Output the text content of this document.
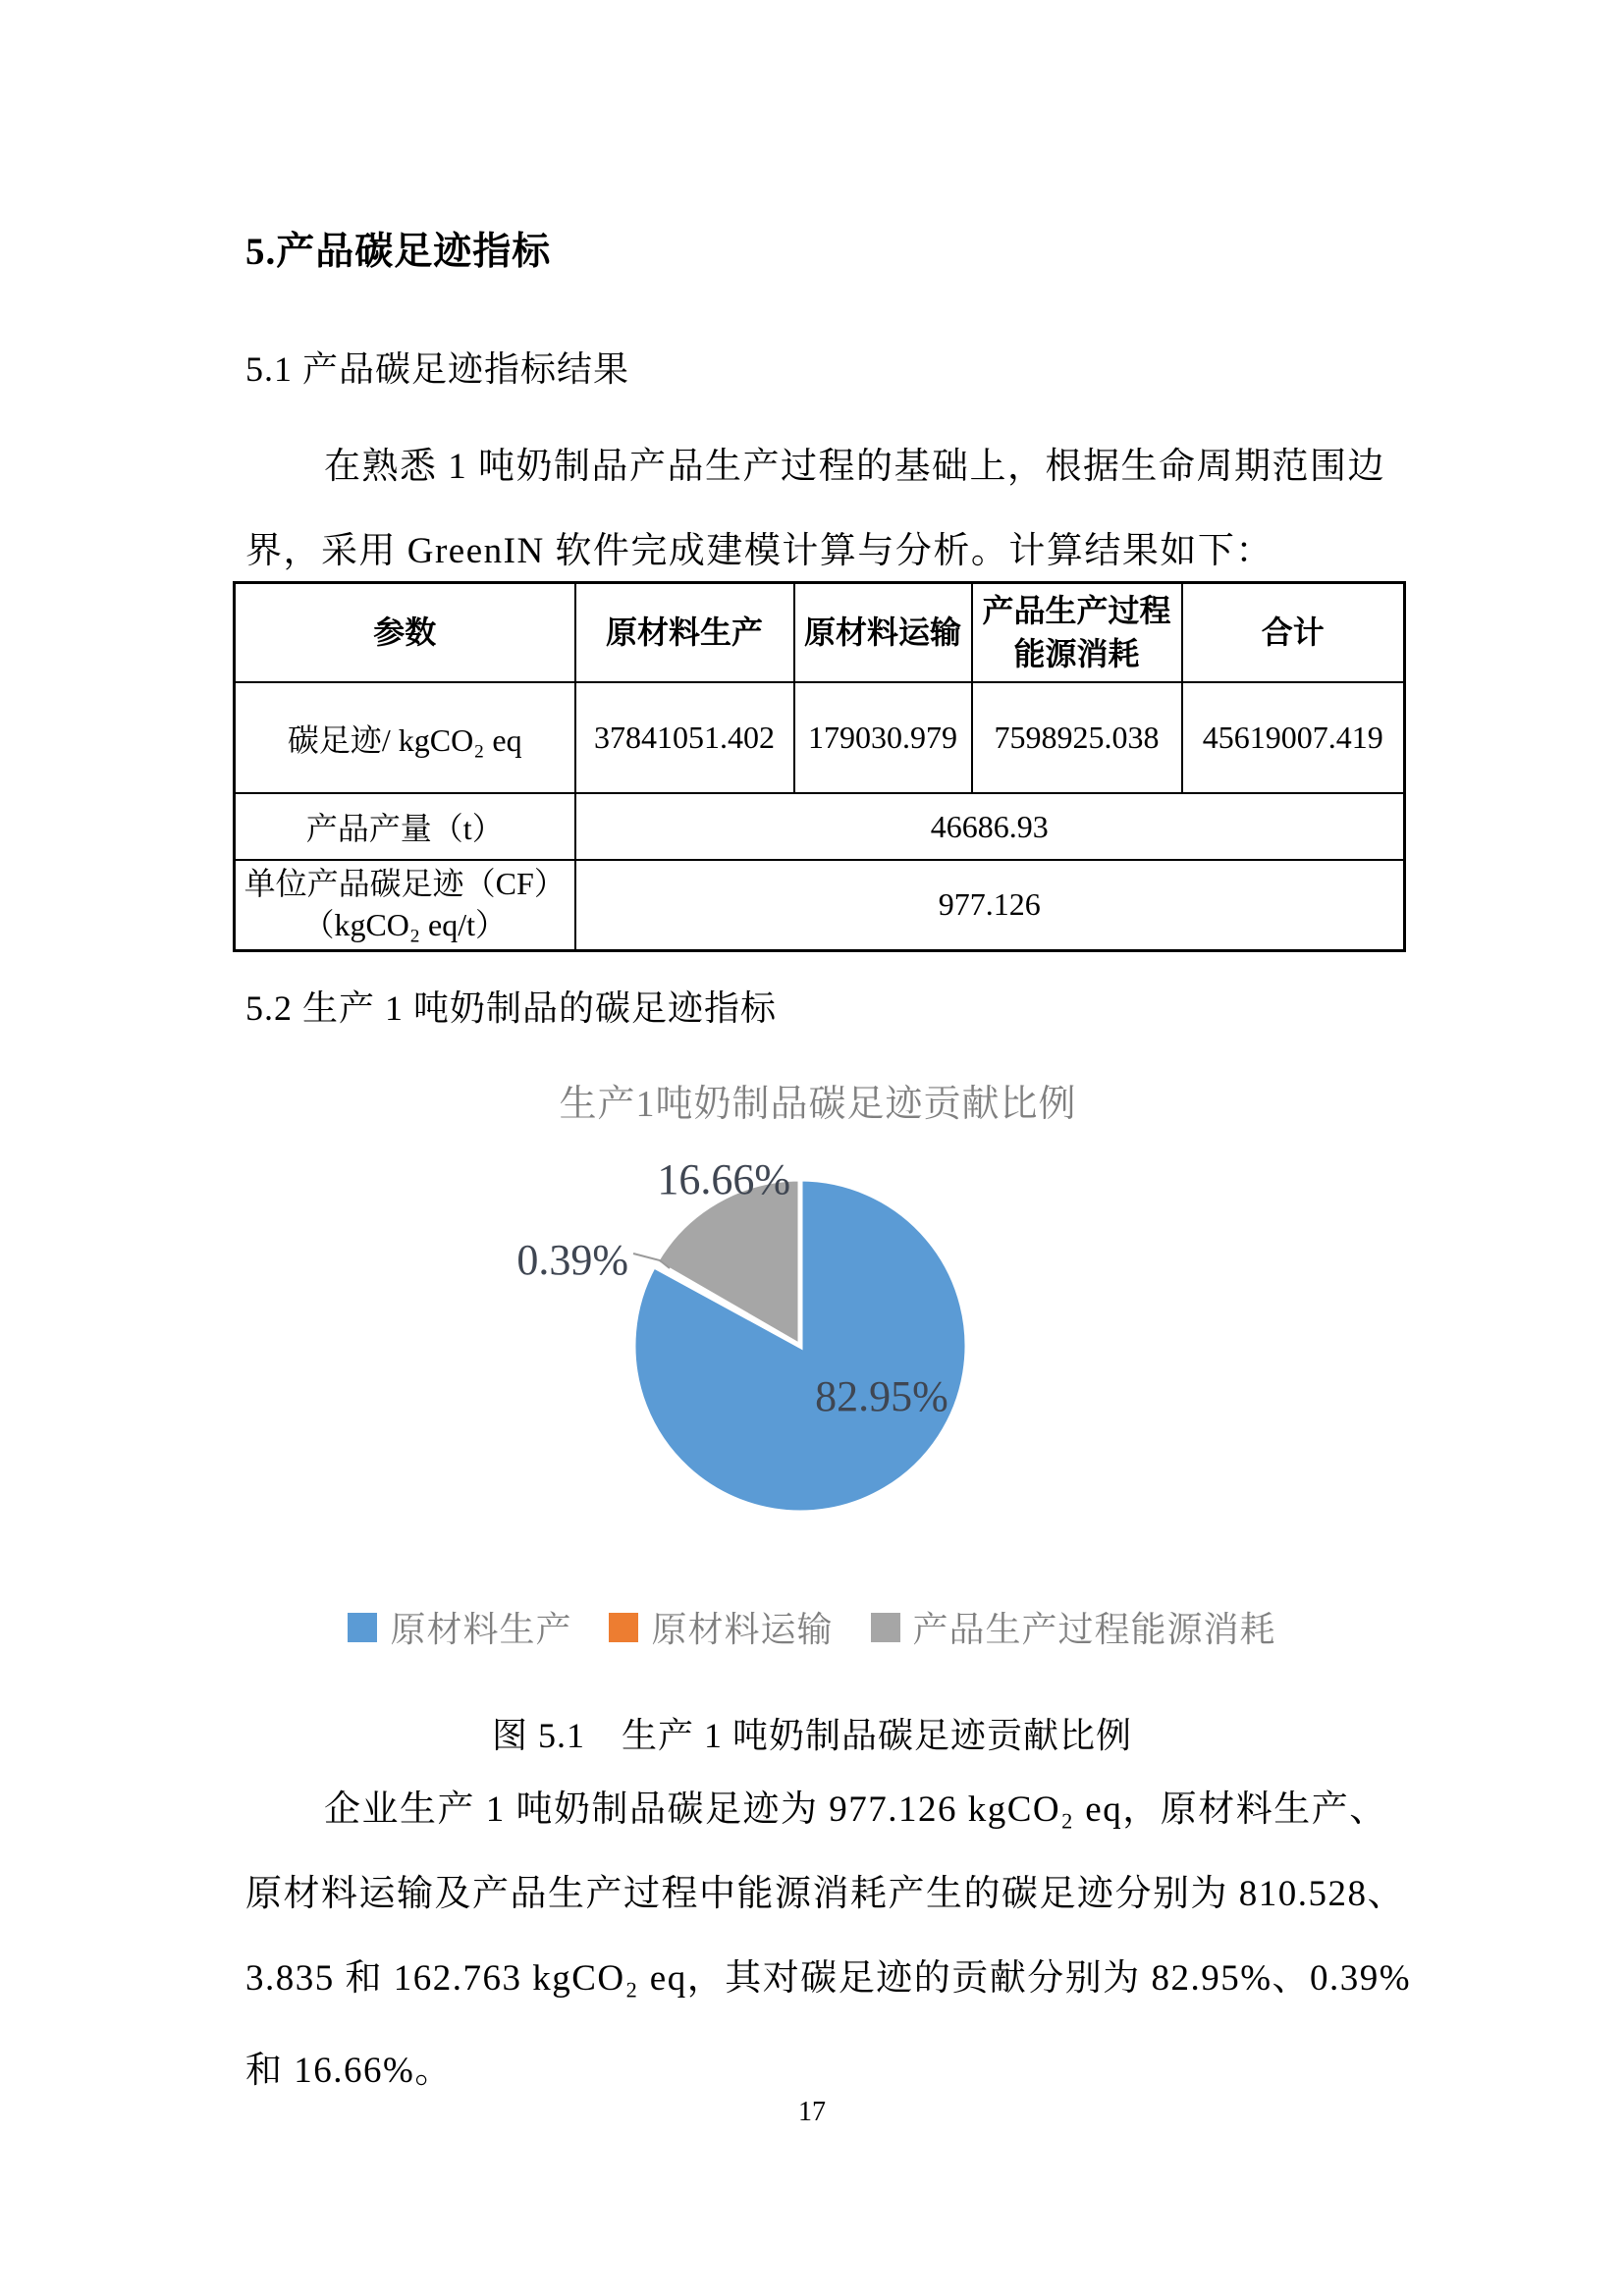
5.产品碳足迹指标
5.1 产品碳足迹指标结果
在熟悉 1 吨奶制品产品生产过程的基础上，根据生命周期范围边
界，采用 GreenIN 软件完成建模计算与分析。计算结果如下：
参数	原材料生产	原材料运输	产品生产过程能源消耗	合计
碳足迹/ kgCO₂ eq	37841051.402	179030.979	7598925.038	45619007.419
产品产量（t）	46686.93			

单位产品碳足迹（CF）
（kgCO₂ eq/t）	977.126			
5.2 生产 1 吨奶制品的碳足迹指标
生产1吨奶制品碳足迹贡献比例
16.66%
0.39%
82.95%
原材料生产 原材料运输 产品生产过程能源消耗
图 5.1　生产 1 吨奶制品碳足迹贡献比例
企业生产 1 吨奶制品碳足迹为 977.126 kgCO₂ eq，原材料生产、
原材料运输及产品生产过程中能源消耗产生的碳足迹分别为 810.528、
3.835 和 162.763 kgCO₂ eq，其对碳足迹的贡献分别为 82.95%、0.39%
和 16.66%。
17
